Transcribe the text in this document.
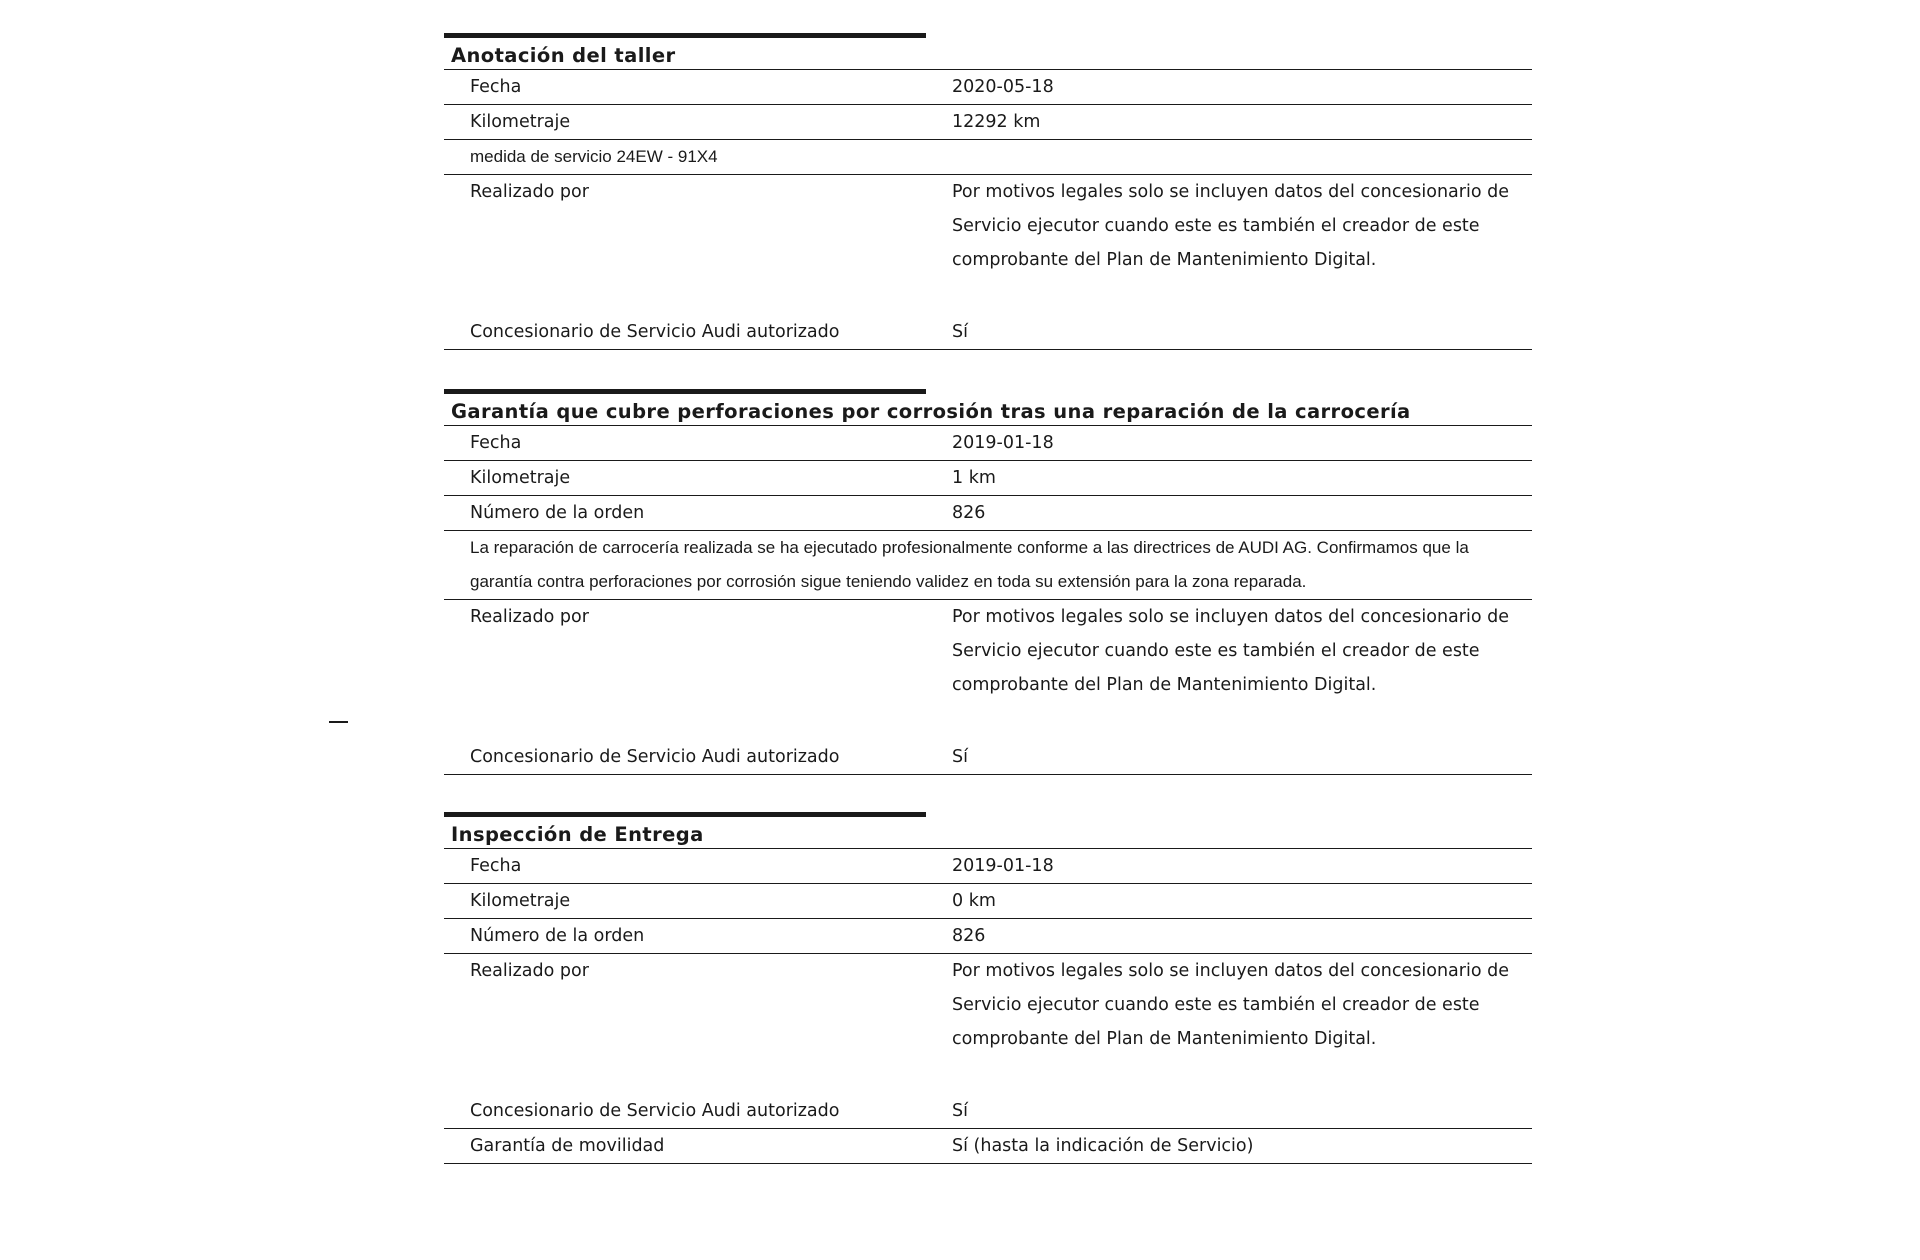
Anotación del taller
Fecha	2020-05-18
Kilometraje	12292 km
medida de servicio 24EW - 91X4
Realizado por	Por motivos legales solo se incluyen datos del concesionario de Servicio ejecutor cuando este es también el creador de este comprobante del Plan de Mantenimiento Digital.
Concesionario de Servicio Audi autorizado	Sí
Garantía que cubre perforaciones por corrosión tras una reparación de la carrocería
Fecha	2019-01-18
Kilometraje	1 km
Número de la orden	826
La reparación de carrocería realizada se ha ejecutado profesionalmente conforme a las directrices de AUDI AG. Confirmamos que la garantía contra perforaciones por corrosión sigue teniendo validez en toda su extensión para la zona reparada.
Realizado por	Por motivos legales solo se incluyen datos del concesionario de Servicio ejecutor cuando este es también el creador de este comprobante del Plan de Mantenimiento Digital.
Concesionario de Servicio Audi autorizado	Sí
Inspección de Entrega
Fecha	2019-01-18
Kilometraje	0 km
Número de la orden	826
Realizado por	Por motivos legales solo se incluyen datos del concesionario de Servicio ejecutor cuando este es también el creador de este comprobante del Plan de Mantenimiento Digital.
Concesionario de Servicio Audi autorizado	Sí
Garantía de movilidad	Sí (hasta la indicación de Servicio)
